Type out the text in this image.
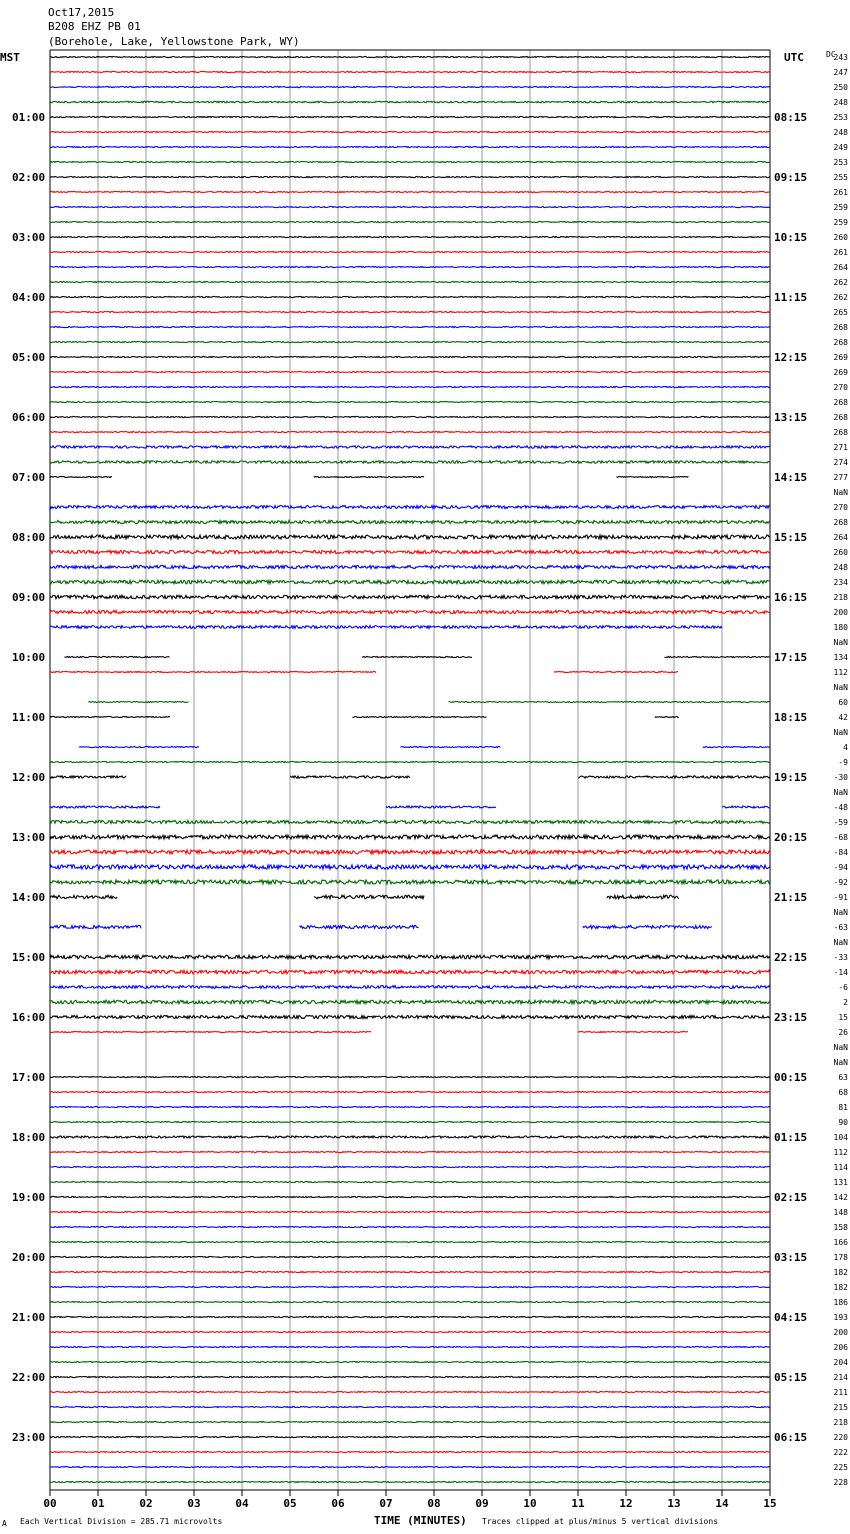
Oct17,2015
B208 EHZ PB 01
(Borehole, Lake, Yellowstone Park, WY)
MST	UTC	DC
00	01	02	03	04	05	06	07	08	09	10	11	12	13	14	15
243
247
250
248
253
248
249
253
255
261
259
259
260
261
264
262
262
265
268
268
269
269
270
268
268
268
271
274
277
NaN
270
268
264
260
248
234
218
200
180
NaN
134
112
NaN
60
42
NaN
4
-9
-30
NaN
-48
-59
-68
-84
-94
-92
-91
NaN
-63
NaN
-33
-14
-6
2
15
26
NaN
NaN
63
68
81
90
104
112
114
131
142
148
158
166
178
182
182
186
193
200
206
204
214
211
215
218
220
222
225
228
01:00	08:15
02:00	09:15
03:00	10:15
04:00	11:15
05:00	12:15
06:00	13:15
07:00	14:15
08:00	15:15
09:00	16:15
10:00	17:15
11:00	18:15
12:00	19:15
13:00	20:15
14:00	21:15
15:00	22:15
16:00	23:15
17:00	00:15
18:00	01:15
19:00	02:15
20:00	03:15
21:00	04:15
22:00	05:15
23:00	06:15
A Each Vertical Division = 285.71 microvolts	TIME (MINUTES) Traces clipped at plus/minus 5 vertical divisions
